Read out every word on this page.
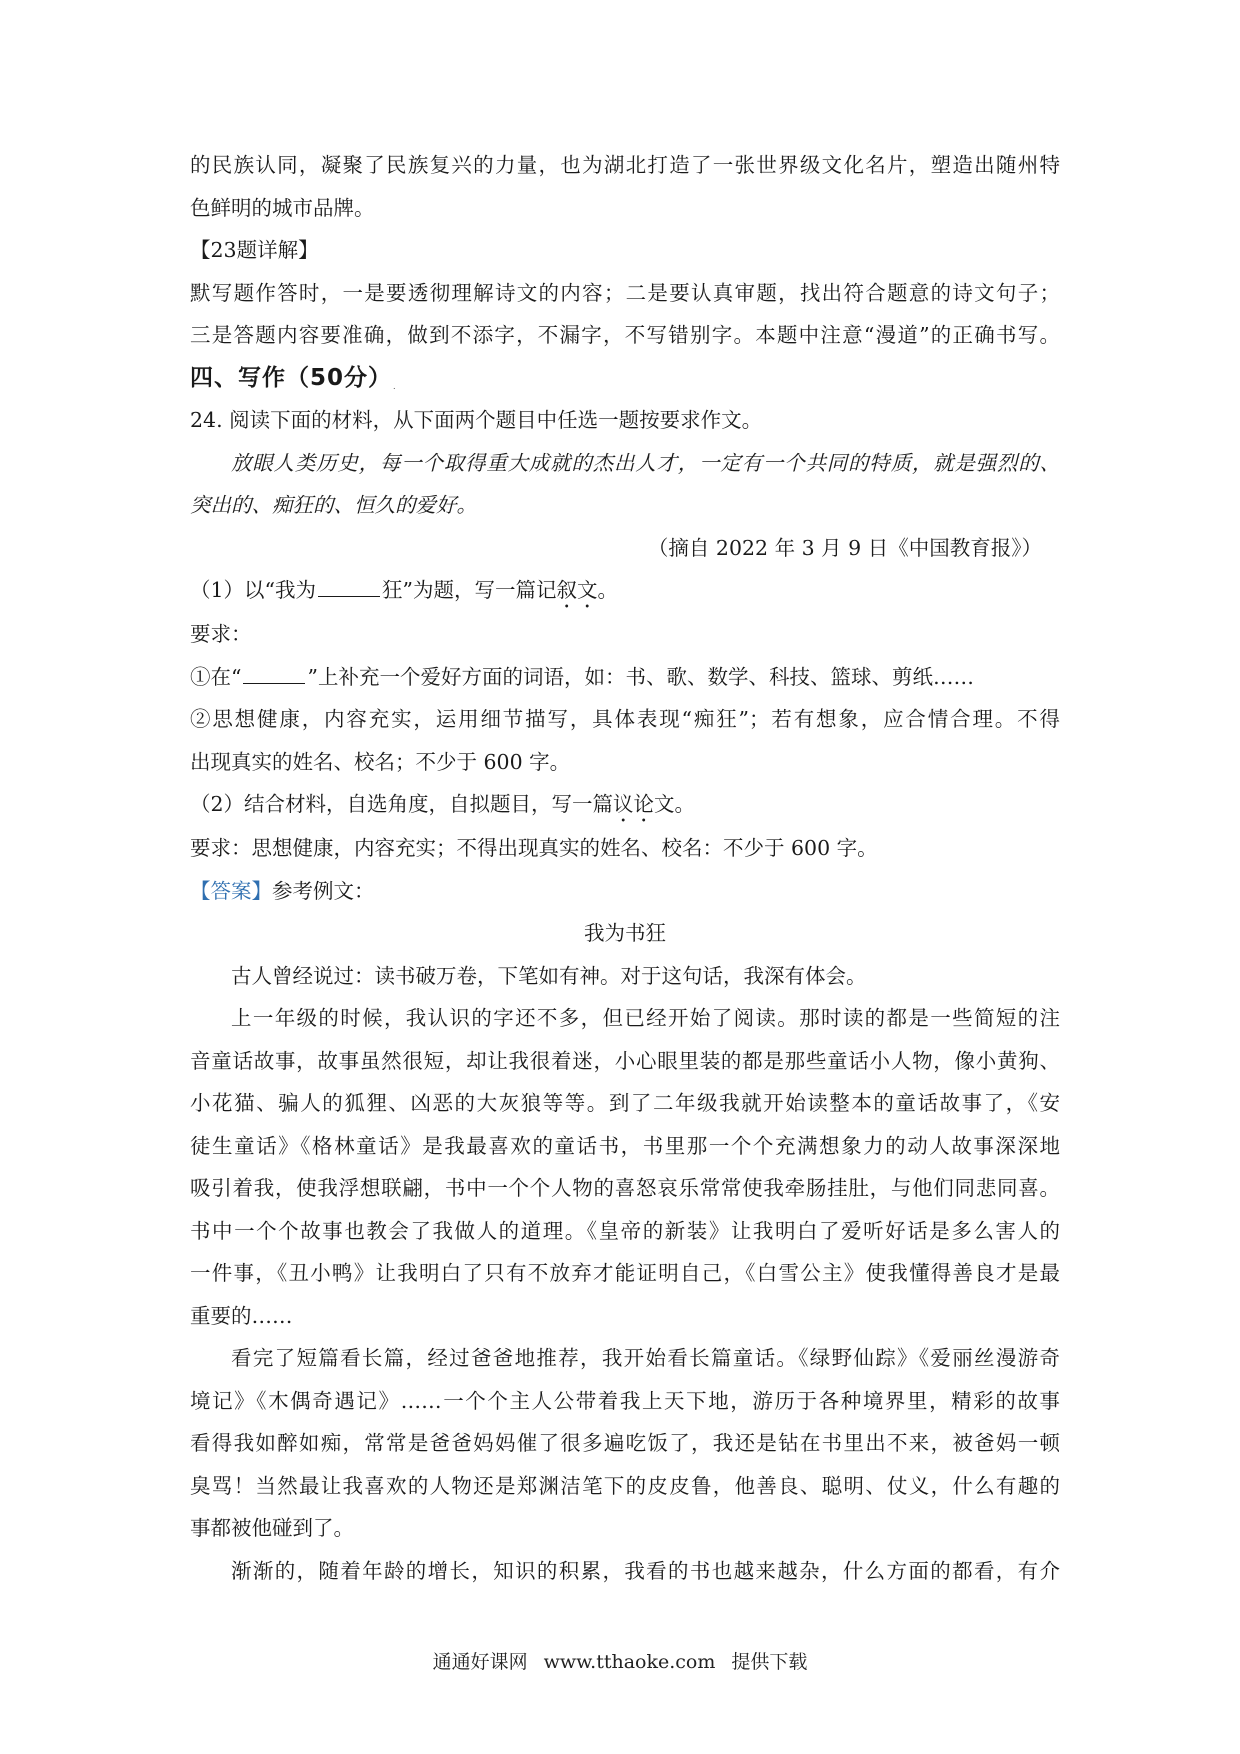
的民族认同，凝聚了民族复兴的力量，也为湖北打造了一张世界级文化名片，塑造出随州特
色鲜明的城市品牌。
【23题详解】
默写题作答时，一是要透彻理解诗文的内容；二是要认真审题，找出符合题意的诗文句子；
三是答题内容要准确，做到不添字，不漏字，不写错别字。本题中注意“漫道”的正确书写。
四、写作（50分）
24. 阅读下面的材料，从下面两个题目中任选一题按要求作文。
放眼人类历史，每一个取得重大成就的杰出人才，一定有一个共同的特质，就是强烈的、
突出的、痴狂的、恒久的爱好。
（摘自 2022 年 3 月 9 日《中国教育报》）
（1）以“我为	狂”为题，写一篇记叙文。
要求：
①在“	”上补充一个爱好方面的词语，如：书、歌、数学、科技、篮球、剪纸……
②思想健康，内容充实，运用细节描写，具体表现“痴狂”；若有想象，应合情合理。不得
出现真实的姓名、校名；不少于 600 字。
（2）结合材料，自选角度，自拟题目，写一篇议论文。
要求：思想健康，内容充实；不得出现真实的姓名、校名：不少于 600 字。
【答案】参考例文：
我为书狂
古人曾经说过：读书破万卷，下笔如有神。对于这句话，我深有体会。
上一年级的时候，我认识的字还不多，但已经开始了阅读。那时读的都是一些简短的注
音童话故事，故事虽然很短，却让我很着迷，小心眼里装的都是那些童话小人物，像小黄狗、
小花猫、骗人的狐狸、凶恶的大灰狼等等。到了二年级我就开始读整本的童话故事了，《安
徒生童话》《格林童话》是我最喜欢的童话书，书里那一个个充满想象力的动人故事深深地
吸引着我，使我浮想联翩，书中一个个人物的喜怒哀乐常常使我牵肠挂肚，与他们同悲同喜。
书中一个个故事也教会了我做人的道理。《皇帝的新装》让我明白了爱听好话是多么害人的
一件事，《丑小鸭》让我明白了只有不放弃才能证明自己，《白雪公主》使我懂得善良才是最
重要的……
看完了短篇看长篇，经过爸爸地推荐，我开始看长篇童话。《绿野仙踪》《爱丽丝漫游奇
境记》《木偶奇遇记》……一个个主人公带着我上天下地，游历于各种境界里，精彩的故事
看得我如醉如痴，常常是爸爸妈妈催了很多遍吃饭了，我还是钻在书里出不来，被爸妈一顿
臭骂！当然最让我喜欢的人物还是郑渊洁笔下的皮皮鲁，他善良、聪明、仗义，什么有趣的
事都被他碰到了。
渐渐的，随着年龄的增长，知识的积累，我看的书也越来越杂，什么方面的都看，有介
.
通通好课网 www.tthaoke.com 提供下载
